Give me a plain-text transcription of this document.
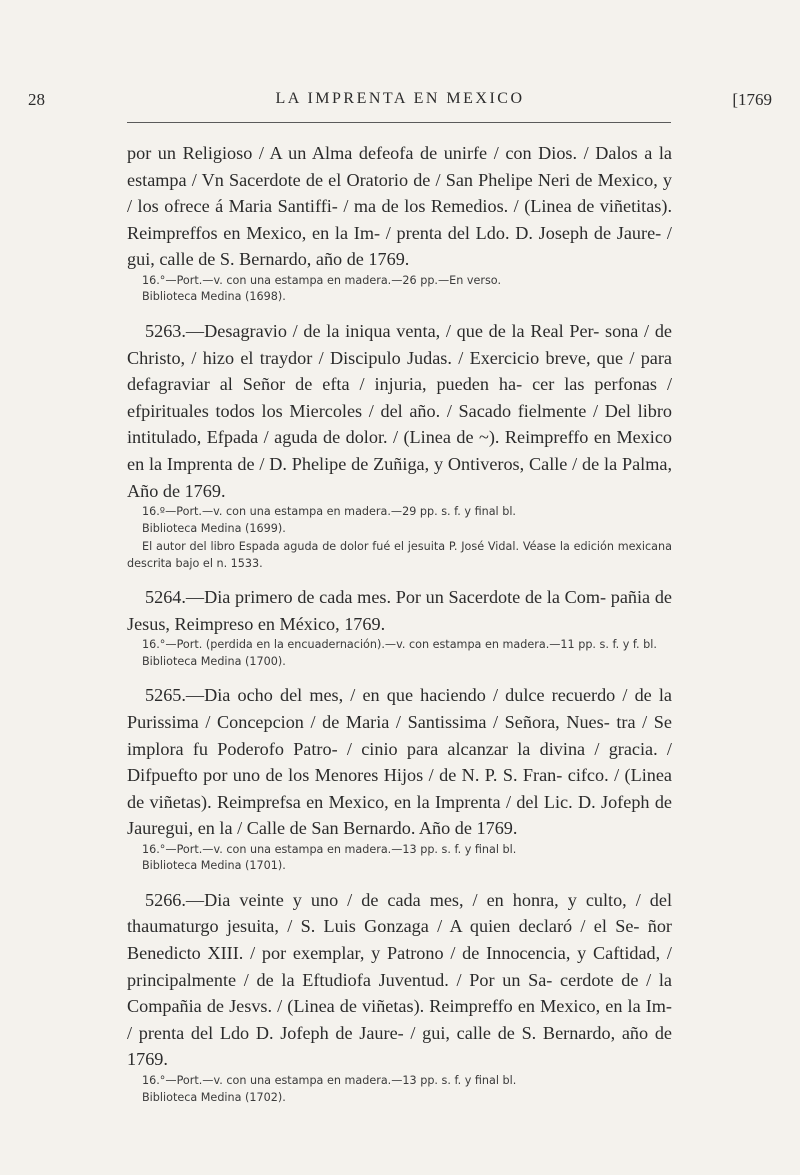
28	LA IMPRENTA EN MEXICO	[1769

por un Religioso / A un Alma defeofa de unirfe / con Dios. / Dalos a la estampa / Vn Sacerdote de el Oratorio de / San Phelipe Neri de Mexico, y / los ofrece á Maria Santiffi- / ma de los Remedios. / (Linea de viñetitas). Reimpreffos en Mexico, en la Im- / prenta del Ldo. D. Joseph de Jaure- / gui, calle de S. Bernardo, año de 1769.

16.°—Port.—v. con una estampa en madera.—26 pp.—En verso.

Biblioteca Medina (1698).

5263.—Desagravio / de la iniqua venta, / que de la Real Per- sona / de Christo, / hizo el traydor / Discipulo Judas. / Exercicio breve, que / para defagraviar al Señor de efta / injuria, pueden ha- cer las perfonas / efpirituales todos los Miercoles / del año. / Sacado fielmente / Del libro intitulado, Efpada / aguda de dolor. / (Linea de ~). Reimpreffo en Mexico en la Imprenta de / D. Phelipe de Zuñiga, y Ontiveros, Calle / de la Palma, Año de 1769.

16.º—Port.—v. con una estampa en madera.—29 pp. s. f. y final bl.

Biblioteca Medina (1699).

El autor del libro Espada aguda de dolor fué el jesuita P. José Vidal. Véase la edición mexicana descrita bajo el n. 1533.

5264.—Dia primero de cada mes. Por un Sacerdote de la Com- pañia de Jesus, Reimpreso en México, 1769.

16.°—Port. (perdida en la encuadernación).—v. con estampa en madera.—11 pp. s. f. y f. bl.

Biblioteca Medina (1700).

5265.—Dia ocho del mes, / en que haciendo / dulce recuerdo / de la Purissima / Concepcion / de Maria / Santissima / Señora, Nues- tra / Se implora fu Poderofo Patro- / cinio para alcanzar la divina / gracia. / Difpuefto por uno de los Menores Hijos / de N. P. S. Fran- cifco. / (Linea de viñetas). Reimprefsa en Mexico, en la Imprenta / del Lic. D. Jofeph de Jauregui, en la / Calle de San Bernardo. Año de 1769.

16.°—Port.—v. con una estampa en madera.—13 pp. s. f. y final bl.

Biblioteca Medina (1701).

5266.—Dia veinte y uno / de cada mes, / en honra, y culto, / del thaumaturgo jesuita, / S. Luis Gonzaga / A quien declaró / el Se- ñor Benedicto XIII. / por exemplar, y Patrono / de Innocencia, y Caftidad, / principalmente / de la Eftudiofa Juventud. / Por un Sa- cerdote de / la Compañia de Jesvs. / (Linea de viñetas). Reimpreffo en Mexico, en la Im- / prenta del Ldo D. Jofeph de Jaure- / gui, calle de S. Bernardo, año de 1769.

16.°—Port.—v. con una estampa en madera.—13 pp. s. f. y final bl.

Biblioteca Medina (1702).
